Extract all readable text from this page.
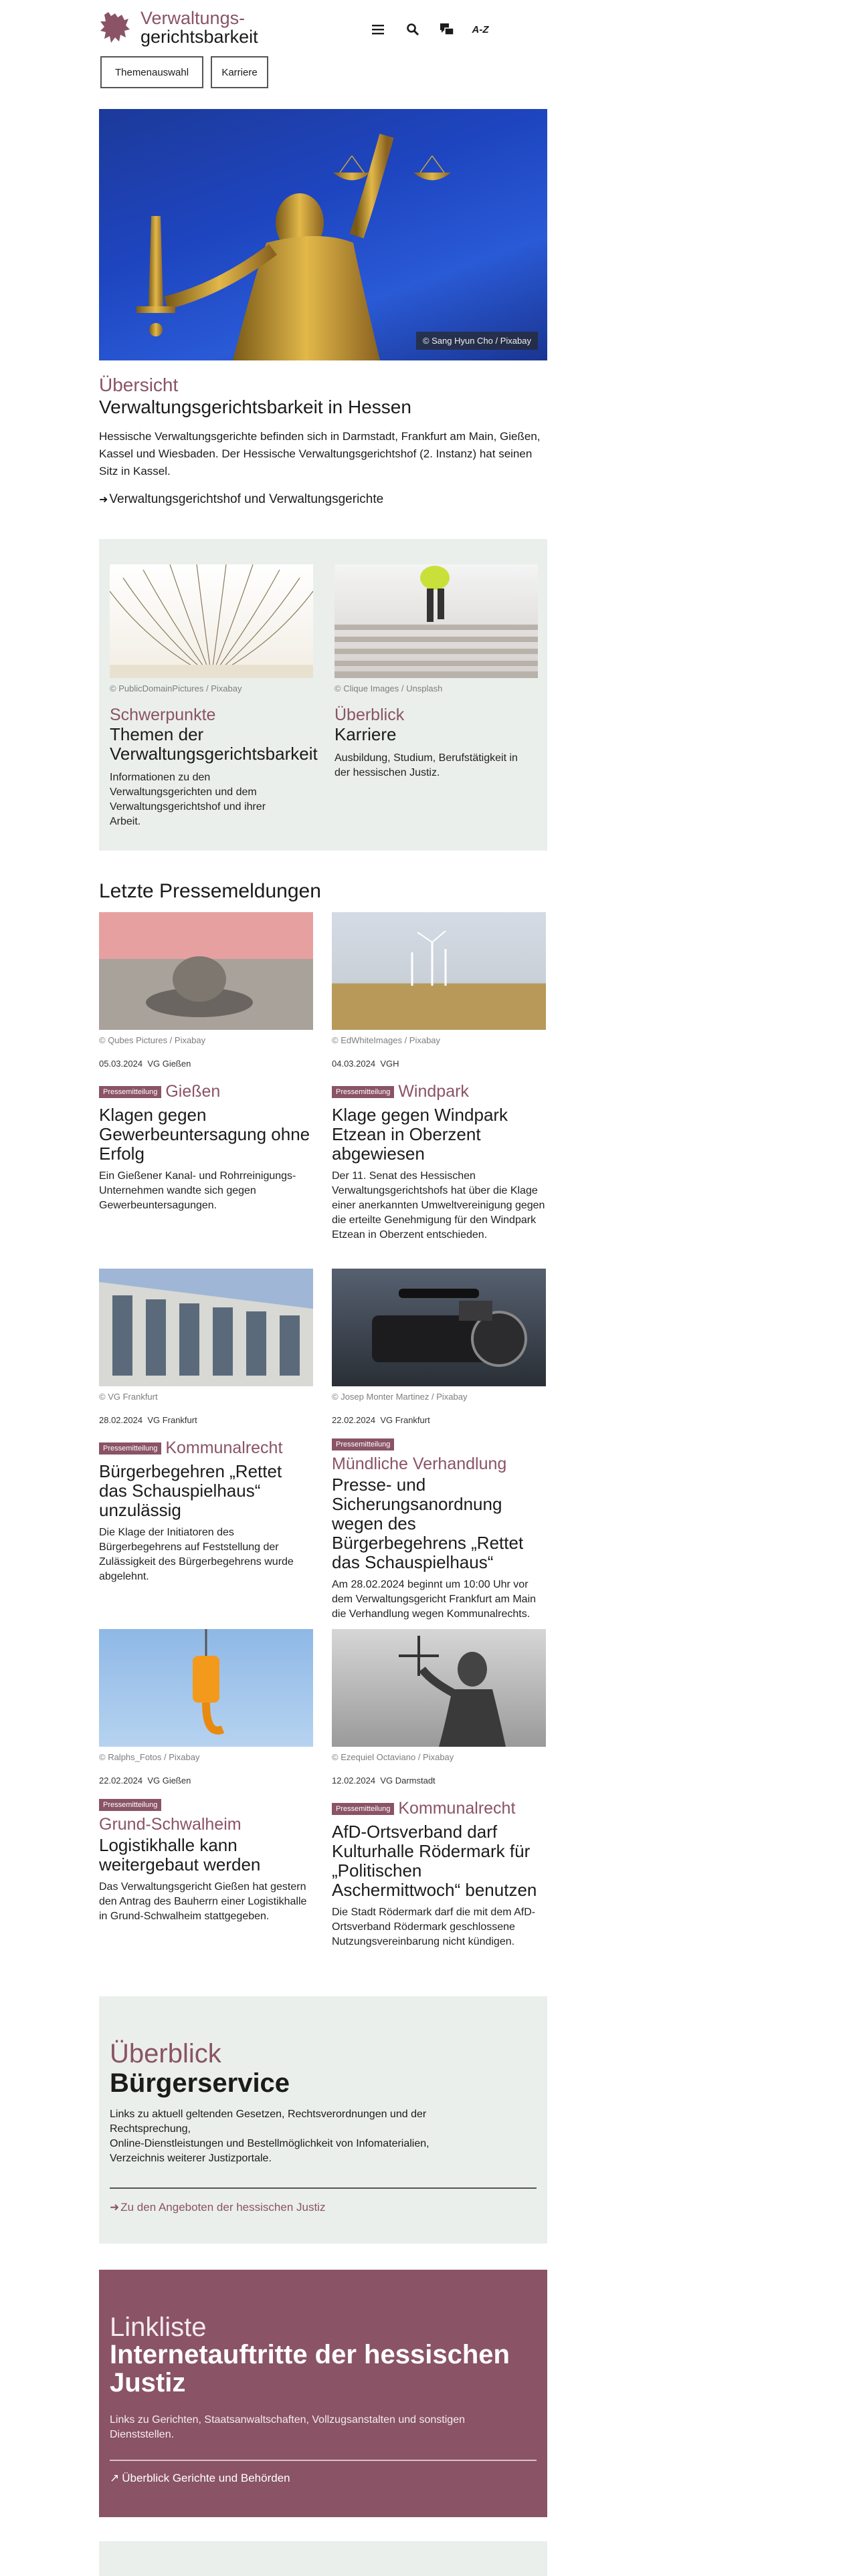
Verwaltungs-
gerichtsbarkeit	A-Z
Themenauswahl	Karriere
© Sang Hyun Cho / Pixabay
Übersicht
Verwaltungsgerichtsbarkeit in Hessen
Hessische Verwaltungsgerichte befinden sich in Darmstadt, Frankfurt am Main, Gießen, Kassel und Wiesbaden. Der Hessische Verwaltungsgerichtshof (2. Instanz) hat seinen Sitz in Kassel.
➜ Verwaltungsgerichtshof und Verwaltungsgerichte
© PublicDomainPictures / Pixabay
Schwerpunkte
Themen der Verwaltungsgerichtsbarkeit
Informationen zu den Verwaltungsgerichten und dem Verwaltungsgerichtshof und ihrer Arbeit.
© Clique Images / Unsplash
Überblick
Karriere
Ausbildung, Studium, Berufstätigkeit in der hessischen Justiz.
Letzte Pressemeldungen
© Qubes Pictures / Pixabay
05.03.2024 VG Gießen
Pressemitteilung Gießen
Klagen gegen Gewerbeuntersagung ohne Erfolg
Ein Gießener Kanal- und Rohrreinigungs-Unternehmen wandte sich gegen Gewerbeuntersagungen.
© EdWhiteImages / Pixabay
04.03.2024 VGH
Pressemitteilung Windpark
Klage gegen Windpark Etzean in Oberzent abgewiesen
Der 11. Senat des Hessischen Verwaltungsgerichtshofs hat über die Klage einer anerkannten Umweltvereinigung gegen die erteilte Genehmigung für den Windpark Etzean in Oberzent entschieden.
© VG Frankfurt
28.02.2024 VG Frankfurt
Pressemitteilung Kommunalrecht
Bürgerbegehren „Rettet das Schauspielhaus“ unzulässig
Die Klage der Initiatoren des Bürgerbegehrens auf Feststellung der Zulässigkeit des Bürgerbegehrens wurde abgelehnt.
© Josep Monter Martinez / Pixabay
22.02.2024 VG Frankfurt
Pressemitteilung
Mündliche Verhandlung
Presse- und Sicherungsanordnung wegen des Bürgerbegehrens „Rettet das Schauspielhaus“
Am 28.02.2024 beginnt um 10:00 Uhr vor dem Verwaltungsgericht Frankfurt am Main die Verhandlung wegen Kommunalrechts.
© Ralphs_Fotos / Pixabay
22.02.2024 VG Gießen
Pressemitteilung
Grund-Schwalheim
Logistikhalle kann weitergebaut werden
Das Verwaltungsgericht Gießen hat gestern den Antrag des Bauherrn einer Logistikhalle in Grund-Schwalheim stattgegeben.
© Ezequiel Octaviano / Pixabay
12.02.2024 VG Darmstadt
Pressemitteilung Kommunalrecht
AfD-Ortsverband darf Kulturhalle Rödermark für „Politischen Aschermittwoch“ benutzen
Die Stadt Rödermark darf die mit dem AfD-Ortsverband Rödermark geschlossene Nutzungsvereinbarung nicht kündigen.
Überblick
Bürgerservice
Links zu aktuell geltenden Gesetzen, Rechtsverordnungen und der Rechtsprechung,
Online-Dienstleistungen und Bestellmöglichkeit von Infomaterialien, Verzeichnis weiterer Justizportale.
➜ Zu den Angeboten der hessischen Justiz
Linkliste
Internetauftritte der hessischen Justiz
Links zu Gerichten, Staatsanwaltschaften, Vollzugsanstalten und sonstigen Dienststellen.
↗ Überblick Gerichte und Behörden
